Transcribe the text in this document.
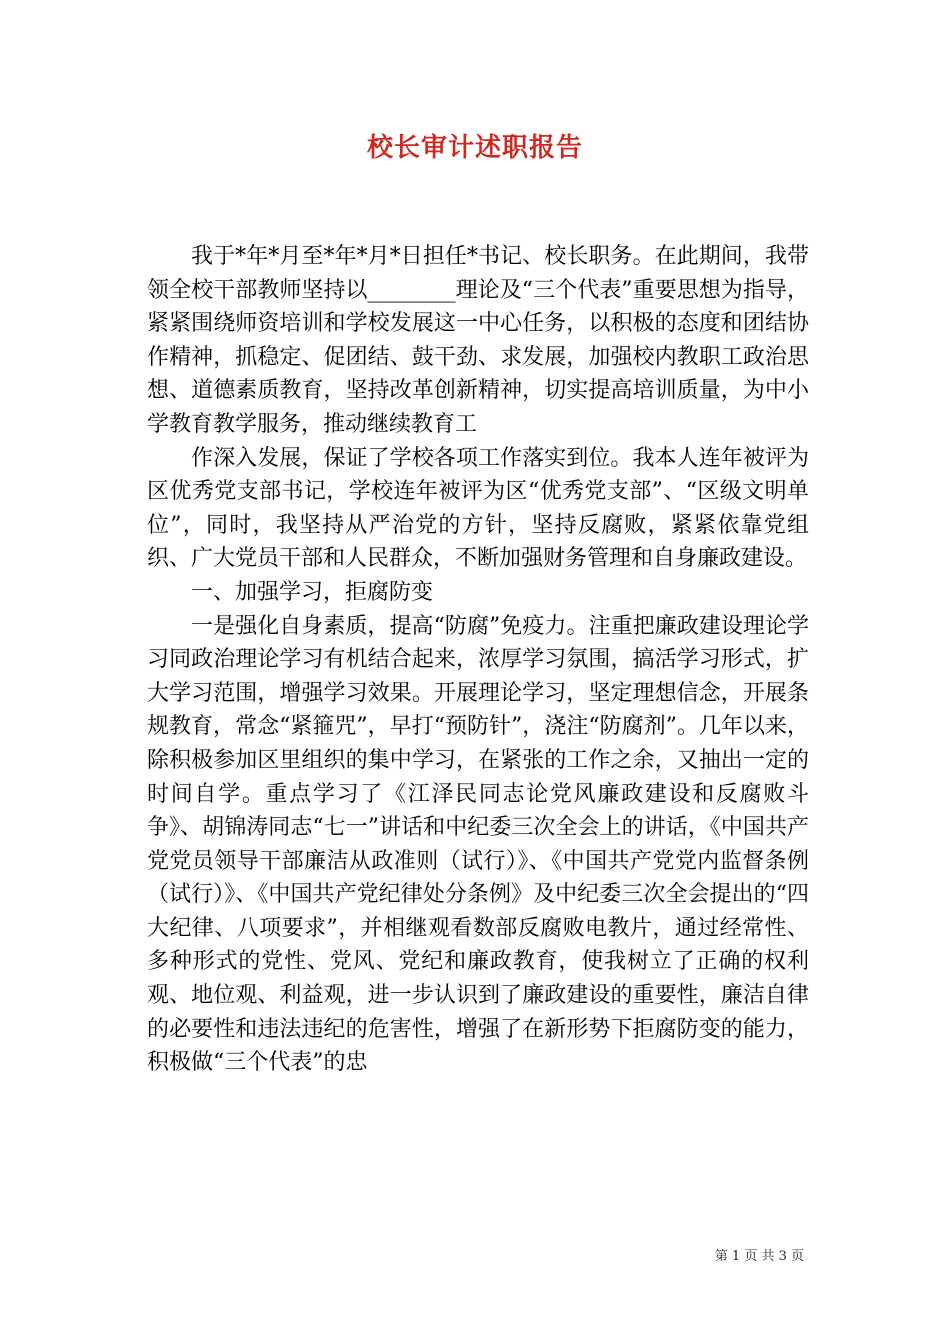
校长审计述职报告

我于*年*月至*年*月*日担任*书记、校长职务。在此期间，我带领全校干部教师坚持以________理论及“三个代表”重要思想为指导，紧紧围绕师资培训和学校发展这一中心任务，以积极的态度和团结协作精神，抓稳定、促团结、鼓干劲、求发展，加强校内教职工政治思想、道德素质教育，坚持改革创新精神，切实提高培训质量，为中小学教育教学服务，推动继续教育工

作深入发展，保证了学校各项工作落实到位。我本人连年被评为区优秀党支部书记，学校连年被评为区“优秀党支部”、“区级文明单位”，同时，我坚持从严治党的方针，坚持反腐败，紧紧依靠党组织、广大党员干部和人民群众，不断加强财务管理和自身廉政建设。

一、加强学习，拒腐防变

一是强化自身素质，提高“防腐”免疫力。注重把廉政建设理论学习同政治理论学习有机结合起来，浓厚学习氛围，搞活学习形式，扩大学习范围，增强学习效果。开展理论学习，坚定理想信念，开展条规教育，常念“紧箍咒”，早打“预防针”，浇注“防腐剂”。几年以来，除积极参加区里组织的集中学习，在紧张的工作之余，又抽出一定的时间自学。重点学习了《江泽民同志论党风廉政建设和反腐败斗争》、胡锦涛同志“七一”讲话和中纪委三次全会上的讲话，《中国共产党党员领导干部廉洁从政准则（试行）》、《中国共产党党内监督条例（试行）》、《中国共产党纪律处分条例》及中纪委三次全会提出的“四大纪律、八项要求”，并相继观看数部反腐败电教片，通过经常性、多种形式的党性、党风、党纪和廉政教育，使我树立了正确的权利观、地位观、利益观，进一步认识到了廉政建设的重要性，廉洁自律的必要性和违法违纪的危害性，增强了在新形势下拒腐防变的能力，积极做“三个代表”的忠

第 1 页 共 3 页
